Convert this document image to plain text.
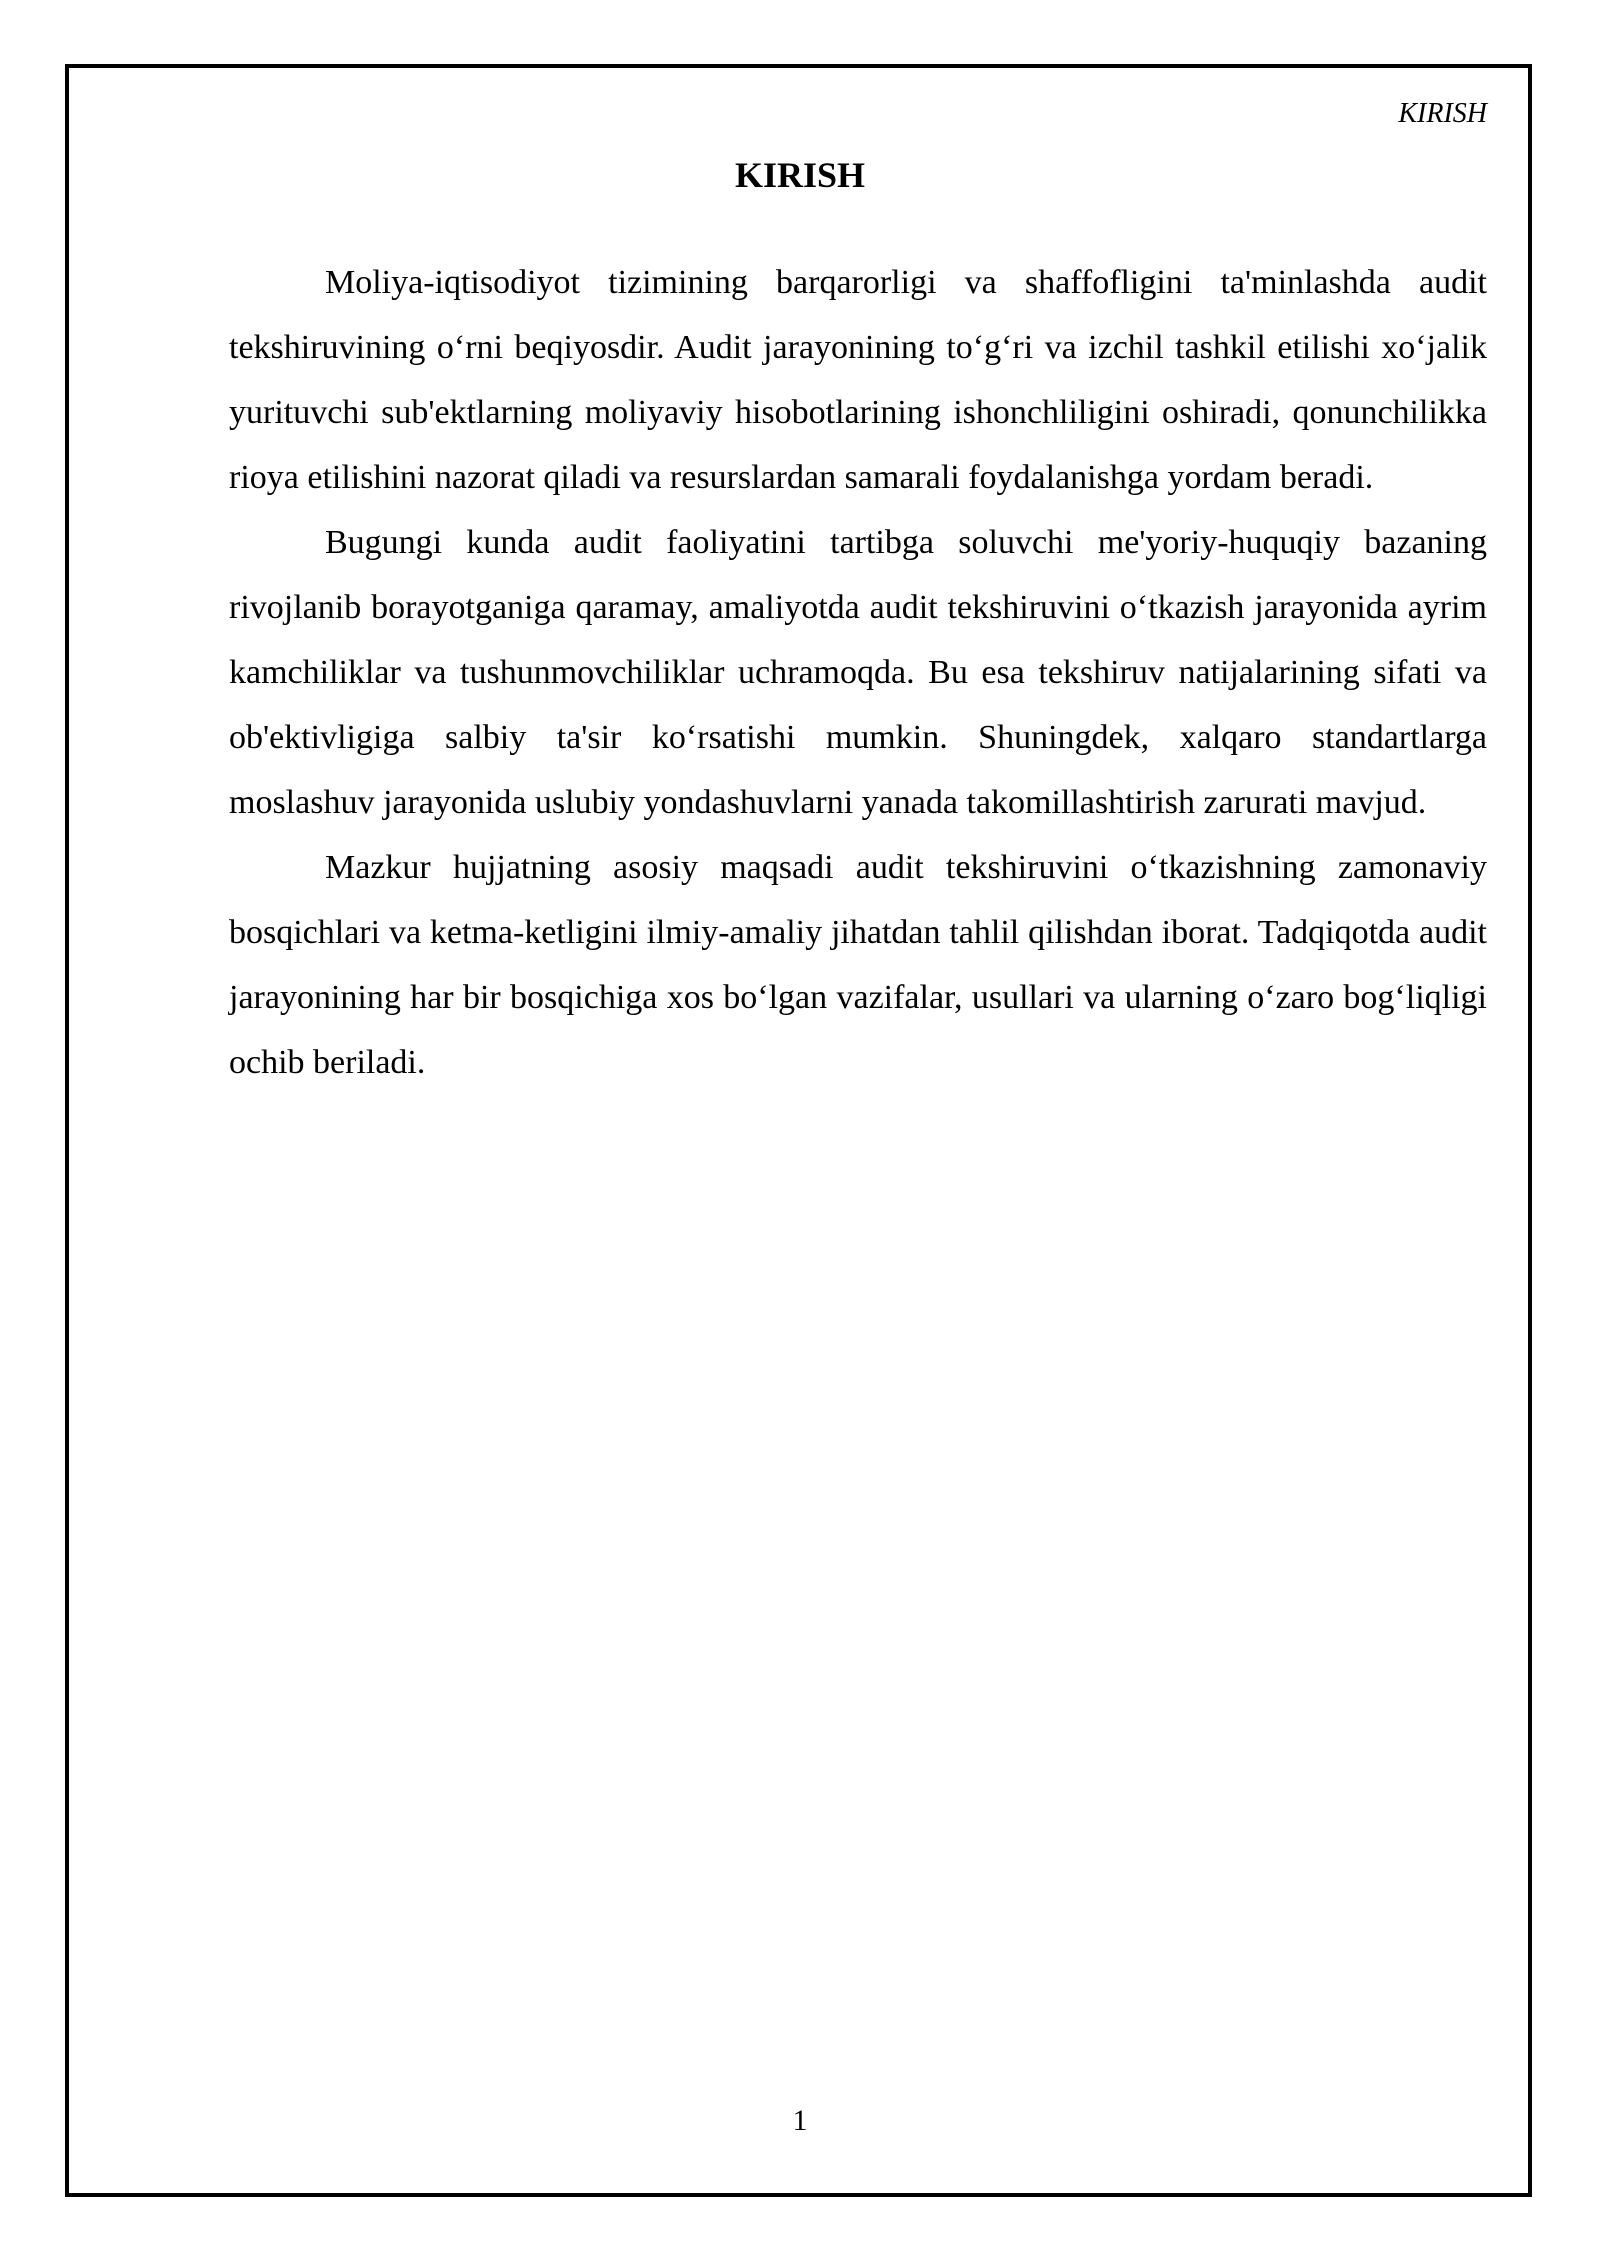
KIRISH
KIRISH

Moliya-iqtisodiyot tizimining barqarorligi va shaffofligini ta'minlashda audit tekshiruvining o‘rni beqiyosdir. Audit jarayonining to‘g‘ri va izchil tashkil etilishi xo‘jalik yurituvchi sub'ektlarning moliyaviy hisobotlarining ishonchliligini oshiradi, qonunchilikka rioya etilishini nazorat qiladi va resurslardan samarali foydalanishga yordam beradi.

Bugungi kunda audit faoliyatini tartibga soluvchi me'yoriy-huquqiy bazaning rivojlanib borayotganiga qaramay, amaliyotda audit tekshiruvini o‘tkazish jarayonida ayrim kamchiliklar va tushunmovchiliklar uchramoqda. Bu esa tekshiruv natijalarining sifati va ob'ektivligiga salbiy ta'sir ko‘rsatishi mumkin. Shuningdek, xalqaro standartlarga moslashuv jarayonida uslubiy yondashuvlarni yanada takomillashtirish zarurati mavjud.

Mazkur hujjatning asosiy maqsadi audit tekshiruvini o‘tkazishning zamonaviy bosqichlari va ketma-ketligini ilmiy-amaliy jihatdan tahlil qilishdan iborat. Tadqiqotda audit jarayonining har bir bosqichiga xos bo‘lgan vazifalar, usullari va ularning o‘zaro bog‘liqligi ochib beriladi.

1
